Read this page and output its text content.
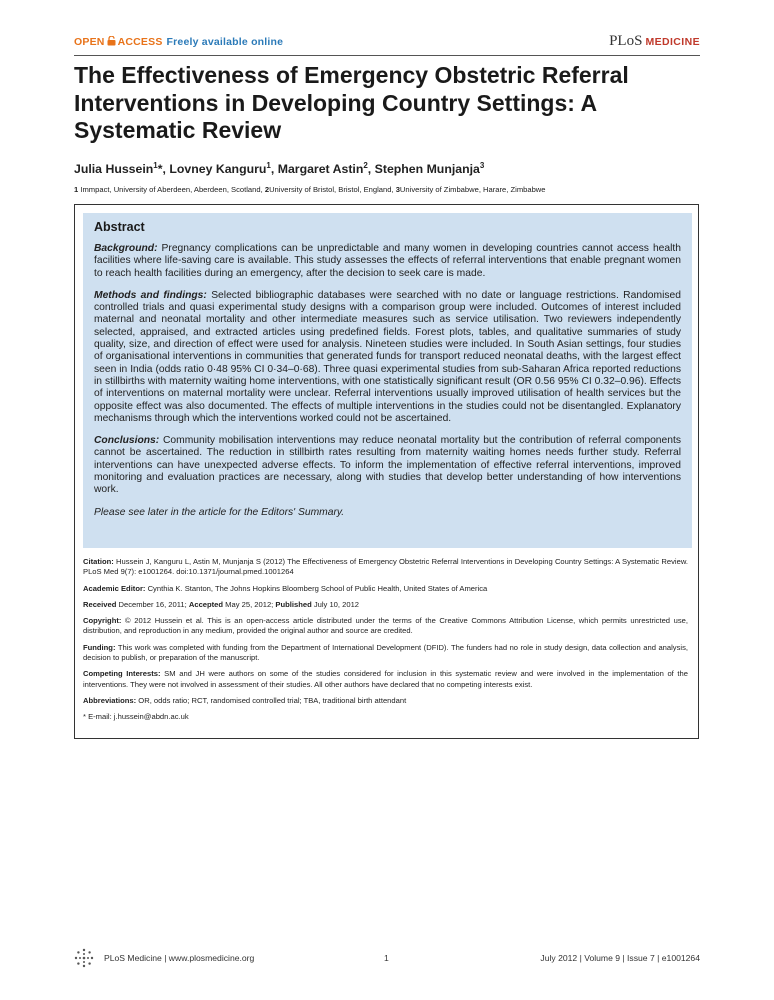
OPEN ACCESS Freely available online	PLoS MEDICINE
The Effectiveness of Emergency Obstetric Referral Interventions in Developing Country Settings: A Systematic Review
Julia Hussein$^1$*, Lovney Kanguru$^1$, Margaret Astin$^2$, Stephen Munjanja$^3$
1 Immpact, University of Aberdeen, Aberdeen, Scotland, 2University of Bristol, Bristol, England, 3University of Zimbabwe, Harare, Zimbabwe
Abstract

Background: Pregnancy complications can be unpredictable and many women in developing countries cannot access health facilities where life-saving care is available. This study assesses the effects of referral interventions that enable pregnant women to reach health facilities during an emergency, after the decision to seek care is made.

Methods and findings: Selected bibliographic databases were searched with no date or language restrictions. Randomised controlled trials and quasi experimental study designs with a comparison group were included. Outcomes of interest included maternal and neonatal mortality and other intermediate measures such as service utilisation. Two reviewers independently selected, appraised, and extracted articles using predefined fields. Forest plots, tables, and qualitative summaries of study quality, size, and direction of effect were used for analysis. Nineteen studies were included. In South Asian settings, four studies of organisational interventions in communities that generated funds for transport reduced neonatal deaths, with the largest effect seen in India (odds ratio 0·48 95% CI 0·34–0·68). Three quasi experimental studies from sub-Saharan Africa reported reductions in stillbirths with maternity waiting home interventions, with one statistically significant result (OR 0.56 95% CI 0.32–0.96). Effects of interventions on maternal mortality were unclear. Referral interventions usually improved utilisation of health services but the opposite effect was also documented. The effects of multiple interventions in the studies could not be disentangled. Explanatory mechanisms through which the interventions worked could not be ascertained.

Conclusions: Community mobilisation interventions may reduce neonatal mortality but the contribution of referral components cannot be ascertained. The reduction in stillbirth rates resulting from maternity waiting homes needs further study. Referral interventions can have unexpected adverse effects. To inform the implementation of effective referral interventions, improved monitoring and evaluation practices are necessary, along with studies that develop better understanding of how interventions work.

Please see later in the article for the Editors' Summary.

Citation: Hussein J, Kanguru L, Astin M, Munjanja S (2012) The Effectiveness of Emergency Obstetric Referral Interventions in Developing Country Settings: A Systematic Review. PLoS Med 9(7): e1001264. doi:10.1371/journal.pmed.1001264

Academic Editor: Cynthia K. Stanton, The Johns Hopkins Bloomberg School of Public Health, United States of America

Received December 16, 2011; Accepted May 25, 2012; Published July 10, 2012

Copyright: © 2012 Hussein et al. This is an open-access article distributed under the terms of the Creative Commons Attribution License, which permits unrestricted use, distribution, and reproduction in any medium, provided the original author and source are credited.

Funding: This work was completed with funding from the Department of International Development (DFID). The funders had no role in study design, data collection and analysis, decision to publish, or preparation of the manuscript.

Competing Interests: SM and JH were authors on some of the studies considered for inclusion in this systematic review and were involved in the implementation of the interventions. They were not involved in assessment of their studies. All other authors have declared that no competing interests exist.

Abbreviations: OR, odds ratio; RCT, randomised controlled trial; TBA, traditional birth attendant

* E-mail: j.hussein@abdn.ac.uk

PLoS Medicine | www.plosmedicine.org	1	July 2012 | Volume 9 | Issue 7 | e1001264
